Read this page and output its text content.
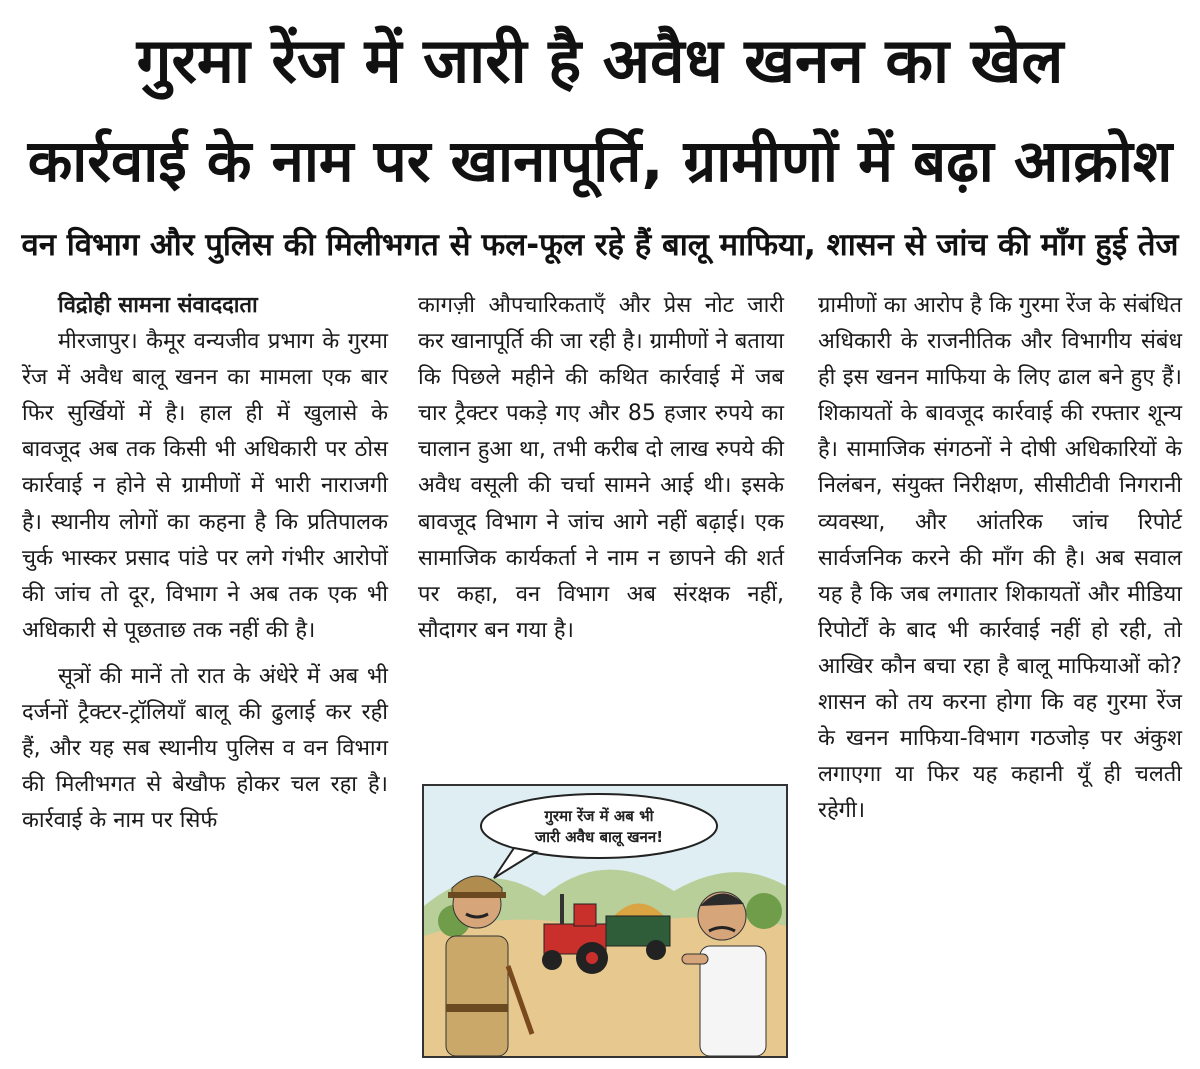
गुरमा रेंज में जारी है अवैध खनन का खेल
कार्रवाई के नाम पर खानापूर्ति, ग्रामीणों में बढ़ा आक्रोश
वन विभाग और पुलिस की मिलीभगत से फल-फूल रहे हैं बालू माफिया, शासन से जांच की माँग हुई तेज

विद्रोही सामना संवाददाता

मीरजापुर। कैमूर वन्यजीव प्रभाग के गुरमा रेंज में अवैध बालू खनन का मामला एक बार फिर सुर्खियों में है। हाल ही में खुलासे के बावजूद अब तक किसी भी अधिकारी पर ठोस कार्रवाई न होने से ग्रामीणों में भारी नाराजगी है। स्थानीय लोगों का कहना है कि प्रतिपालक चुर्क भास्कर प्रसाद पांडे पर लगे गंभीर आरोपों की जांच तो दूर, विभाग ने अब तक एक भी अधिकारी से पूछताछ तक नहीं की है।

सूत्रों की मानें तो रात के अंधेरे में अब भी दर्जनों ट्रैक्टर-ट्रॉलियाँ बालू की ढुलाई कर रही हैं, और यह सब स्थानीय पुलिस व वन विभाग की मिलीभगत से बेखौफ होकर चल रहा है। कार्रवाई के नाम पर सिर्फ

कागज़ी औपचारिकताएँ और प्रेस नोट जारी कर खानापूर्ति की जा रही है। ग्रामीणों ने बताया कि पिछले महीने की कथित कार्रवाई में जब चार ट्रैक्टर पकड़े गए और 85 हजार रुपये का चालान हुआ था, तभी करीब दो लाख रुपये की अवैध वसूली की चर्चा सामने आई थी। इसके बावजूद विभाग ने जांच आगे नहीं बढ़ाई। एक सामाजिक कार्यकर्ता ने नाम न छापने की शर्त पर कहा, वन विभाग अब संरक्षक नहीं, सौदागर बन गया है।

ग्रामीणों का आरोप है कि गुरमा रेंज के संबंधित अधिकारी के राजनीतिक और विभागीय संबंध ही इस खनन माफिया के लिए ढाल बने हुए हैं। शिकायतों के बावजूद कार्रवाई की रफ्तार शून्य है। सामाजिक संगठनों ने दोषी अधिकारियों के निलंबन, संयुक्त निरीक्षण, सीसीटीवी निगरानी व्यवस्था, और आंतरिक जांच रिपोर्ट सार्वजनिक करने की माँग की है। अब सवाल यह है कि जब लगातार शिकायतों और मीडिया रिपोर्टों के बाद भी कार्रवाई नहीं हो रही, तो आखिर कौन बचा रहा है बालू माफियाओं को? शासन को तय करना होगा कि वह गुरमा रेंज के खनन माफिया-विभाग गठजोड़ पर अंकुश लगाएगा या फिर यह कहानी यूँ ही चलती रहेगी।

गुरमा रेंज में अब भी
जारी अवैध बालू खनन!
